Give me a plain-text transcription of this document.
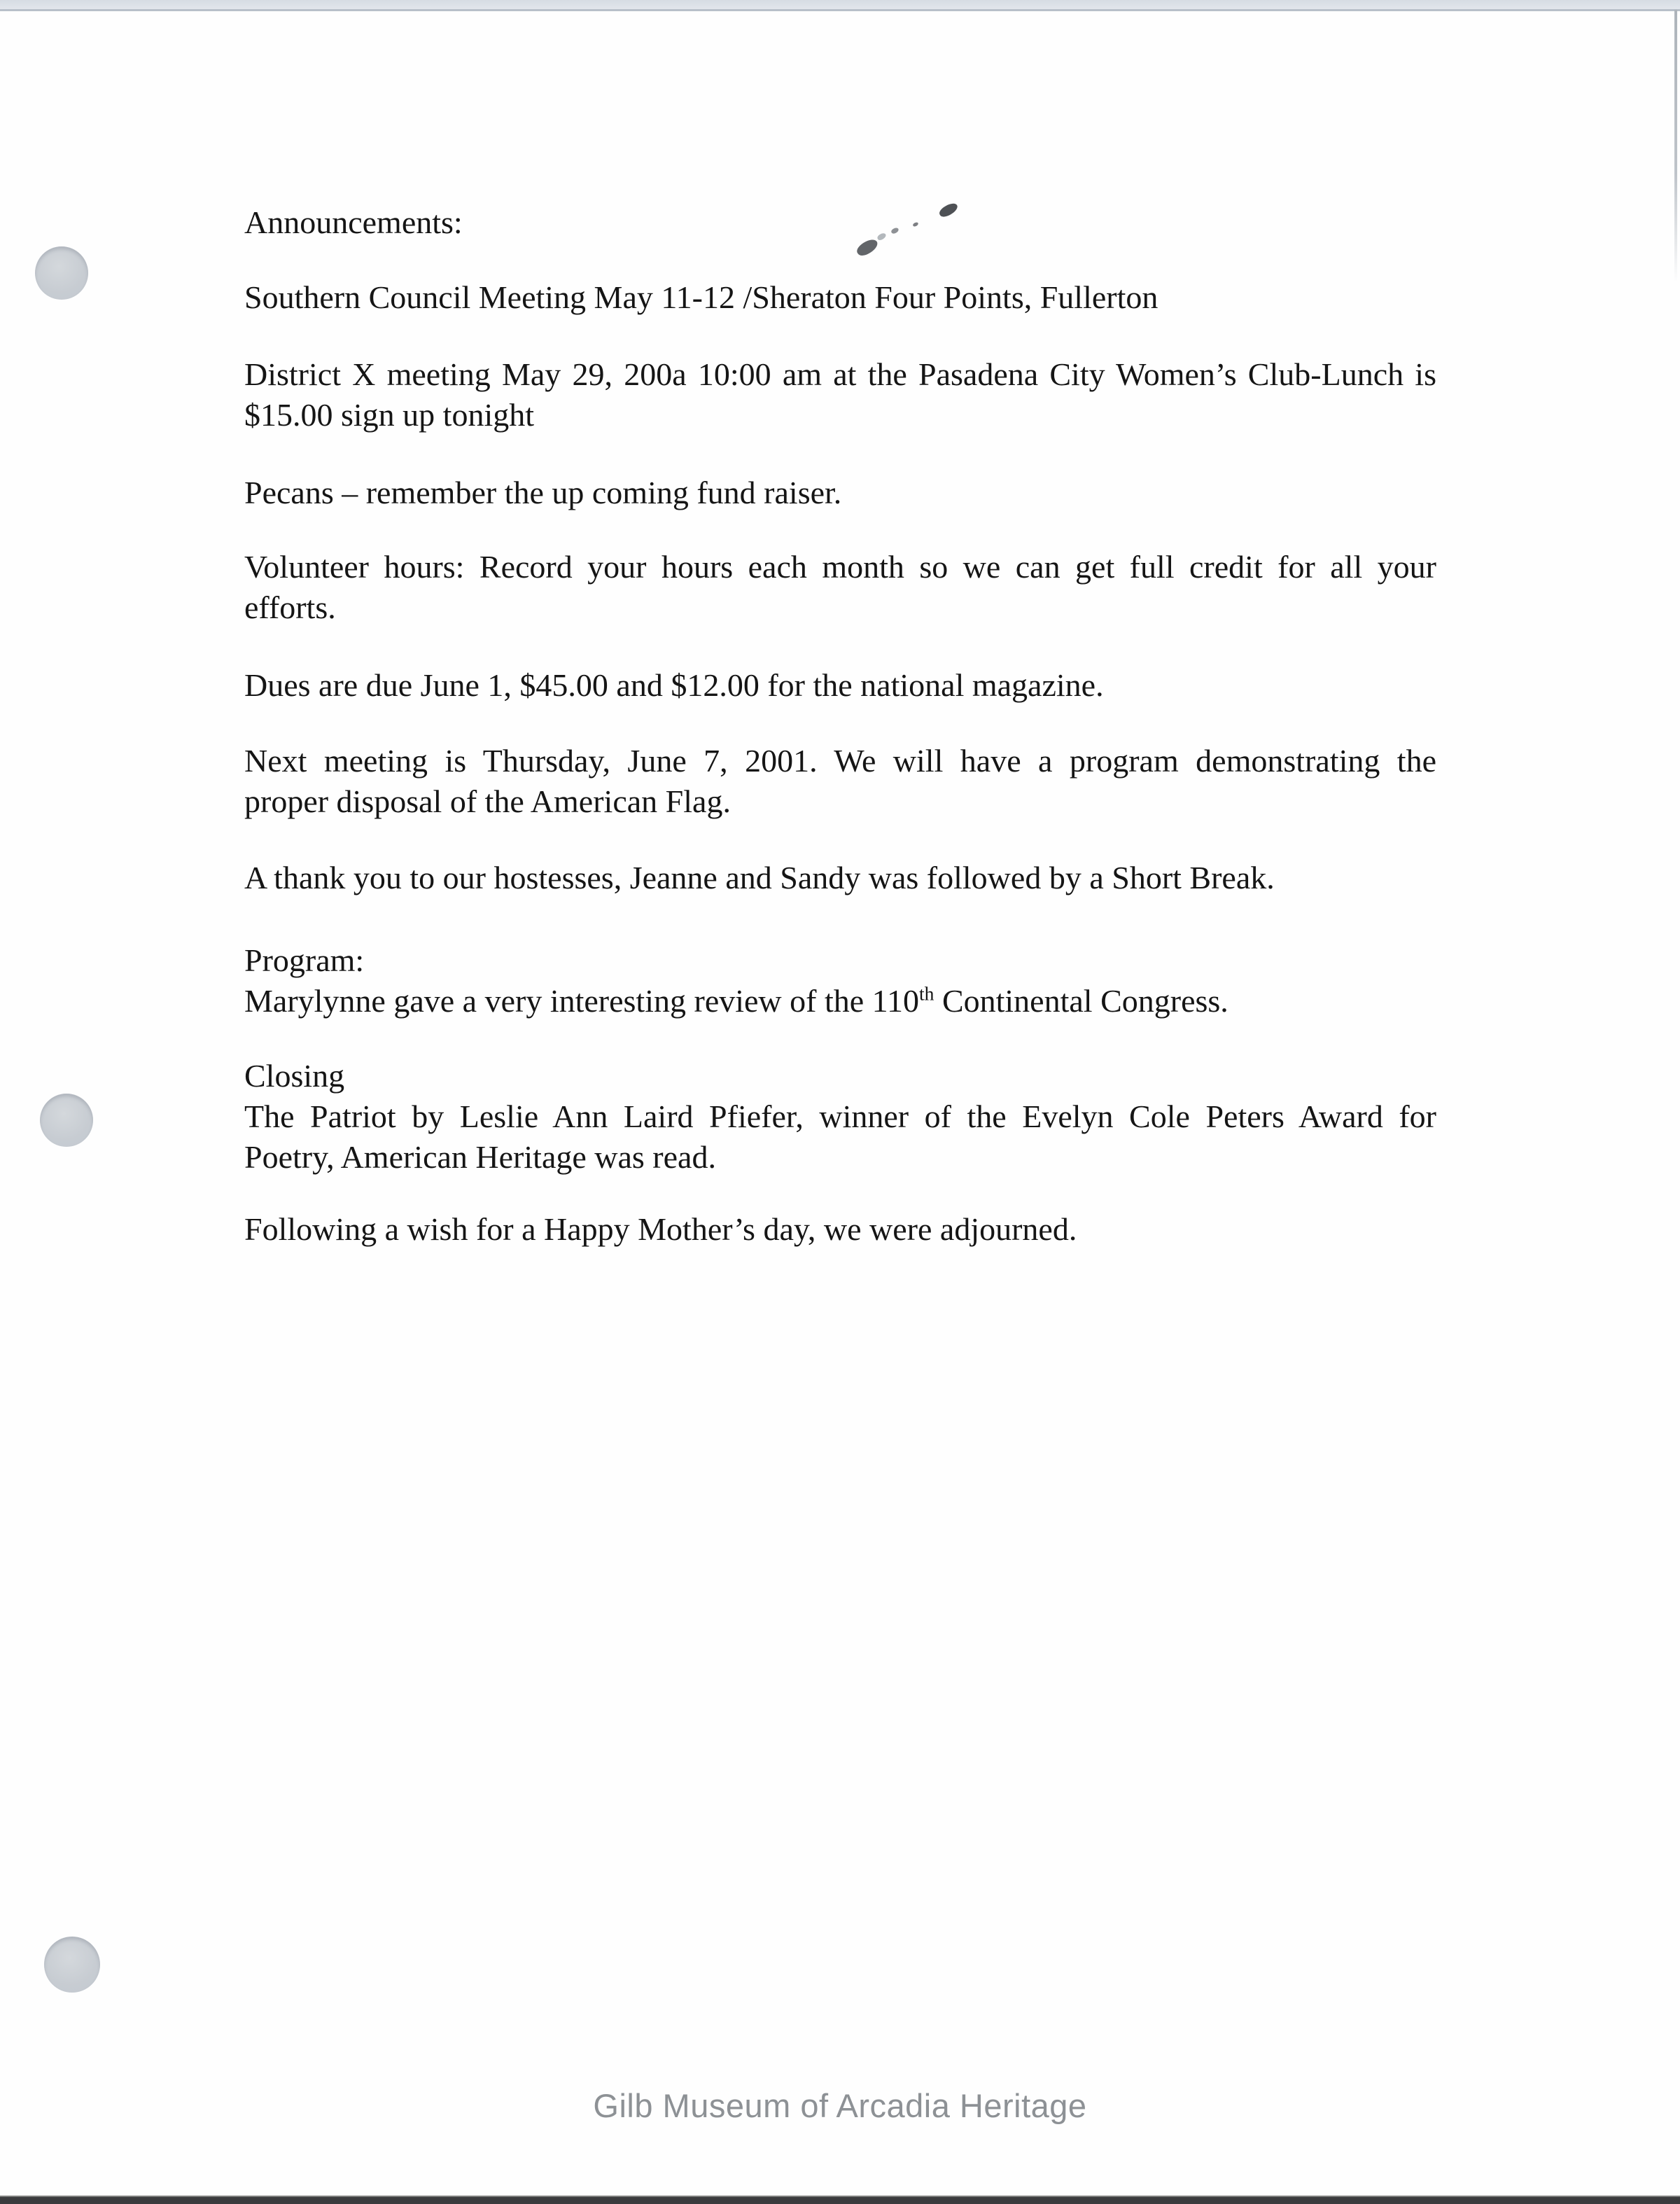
Announcements:
Southern Council Meeting May 11-12 /Sheraton Four Points, Fullerton
District X meeting May 29, 200a 10:00 am at the Pasadena City Women’s Club-Lunch is
$15.00 sign up tonight
Pecans – remember the up coming fund raiser.
Volunteer hours: Record your hours each month so we can get full credit for all your
efforts.
Dues are due June 1, $45.00 and $12.00 for the national magazine.
Next meeting is Thursday, June 7, 2001. We will have a program demonstrating the
proper disposal of the American Flag.
A thank you to our hostesses, Jeanne and Sandy was followed by a Short Break.
Program:
Marylynne gave a very interesting review of the 110th Continental Congress.
Closing
The Patriot by Leslie Ann Laird Pfiefer, winner of the Evelyn Cole Peters Award for
Poetry, American Heritage was read.
Following a wish for a Happy Mother’s day, we were adjourned.
Gilb Museum of Arcadia Heritage
